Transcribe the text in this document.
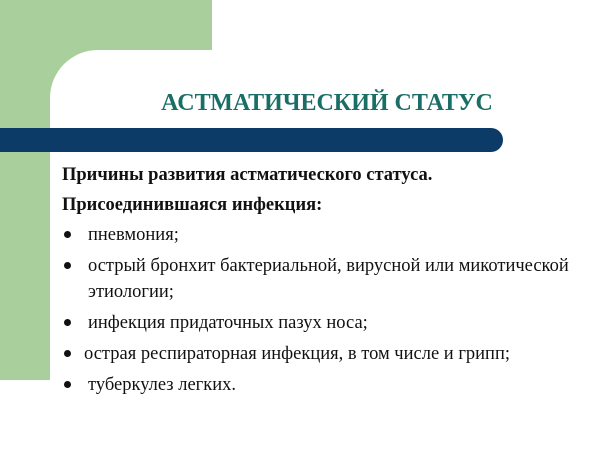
АСТМАТИЧЕСКИЙ СТАТУС

Причины развития астматического статуса.

Присоединившаяся инфекция:

пневмония;
острый бронхит бактериальной, вирусной или микотической этиологии;
инфекция придаточных пазух носа;
острая респираторная инфекция, в том числе и грипп;
туберкулез легких.
